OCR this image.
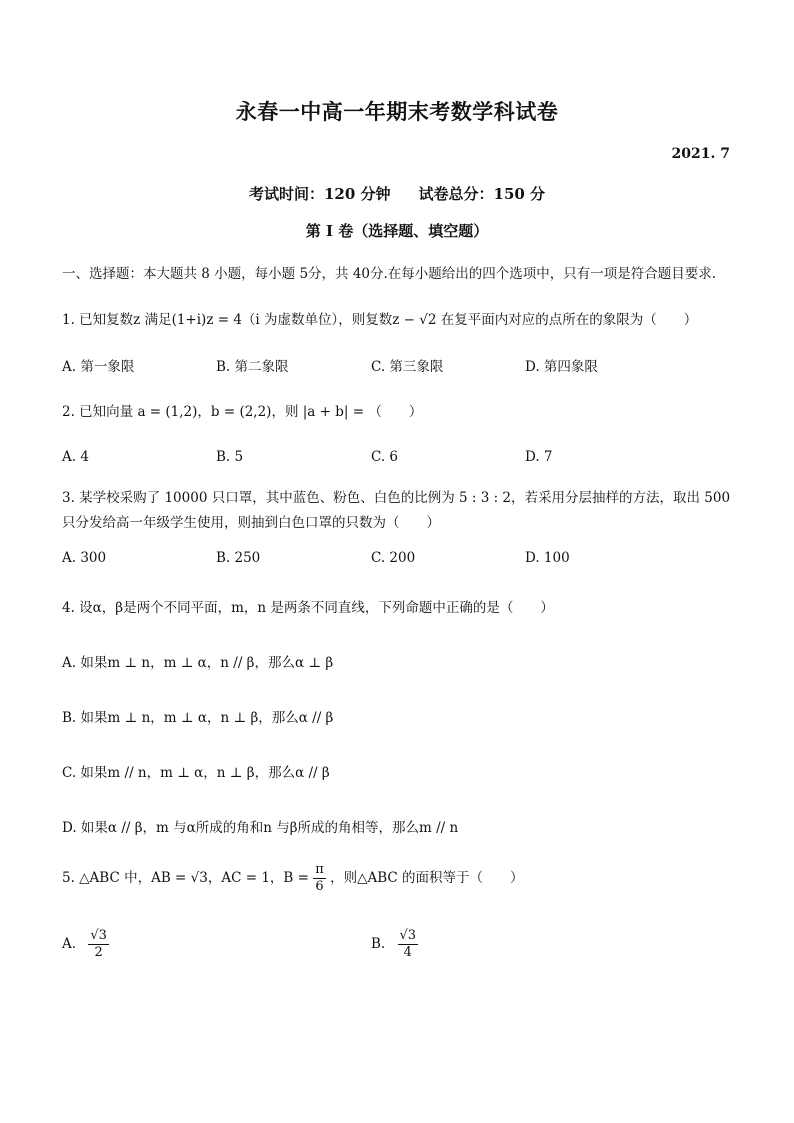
永春一中高一年期末考数学科试卷
2021. 7
考试时间：120 分钟 试卷总分：150 分
第 I 卷（选择题、填空题）
一、选择题：本大题共 8 小题，每小题 5分，共 40分.在每小题给出的四个选项中，只有一项是符合题目要求.
1. 已知复数z 满足(1+i)z = 4（i 为虚数单位），则复数z − √2 在复平面内对应的点所在的象限为（　　）
A. 第一象限	B. 第二象限	C. 第三象限	D. 第四象限
2. 已知向量 a = (1,2)，b = (2,2)，则 |a + b| = （　　）
A. 4	B. 5	C. 6	D. 7
3. 某学校采购了 10000 只口罩，其中蓝色、粉色、白色的比例为 5 : 3 : 2，若采用分层抽样的方法，取出 500
只分发给高一年级学生使用，则抽到白色口罩的只数为（　　）
A. 300	B. 250	C. 200	D. 100
4. 设α，β是两个不同平面，m，n 是两条不同直线，下列命题中正确的是（　　）
A. 如果m ⊥ n，m ⊥ α，n // β，那么α ⊥ β
B. 如果m ⊥ n，m ⊥ α，n ⊥ β，那么α // β
C. 如果m // n，m ⊥ α，n ⊥ β，那么α // β
D. 如果α // β，m 与α所成的角和n 与β所成的角相等，那么m // n
5. △ABC 中，AB = √3，AC = 1，$B = \frac{\pi}{6}$ ，则△ABC 的面积等于（　　）
A. $\frac{√3}{2}$	B. $\frac{√3}{4}$
